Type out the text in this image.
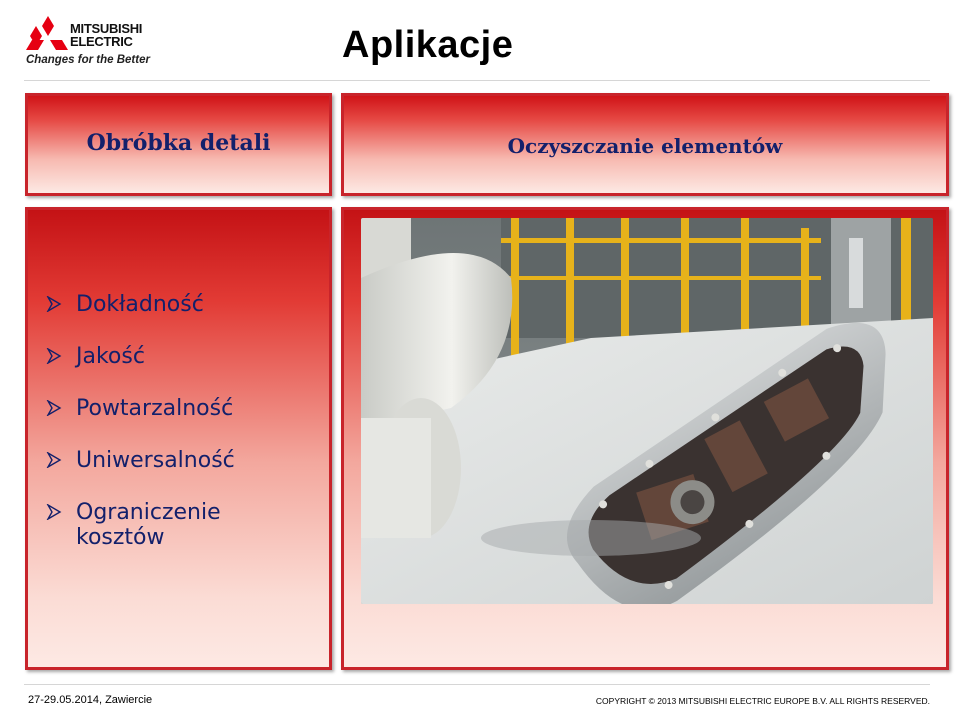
MITSUBISHI
ELECTRIC
Changes for the Better	Aplikacje
Obróbka detali	Oczyszczanie elementów
Dokładność
Jakość
Powtarzalność
Uniwersalność
Ograniczenie kosztów
27-29.05.2014, Zawiercie	COPYRIGHT © 2013 MITSUBISHI ELECTRIC EUROPE B.V. ALL RIGHTS RESERVED.
